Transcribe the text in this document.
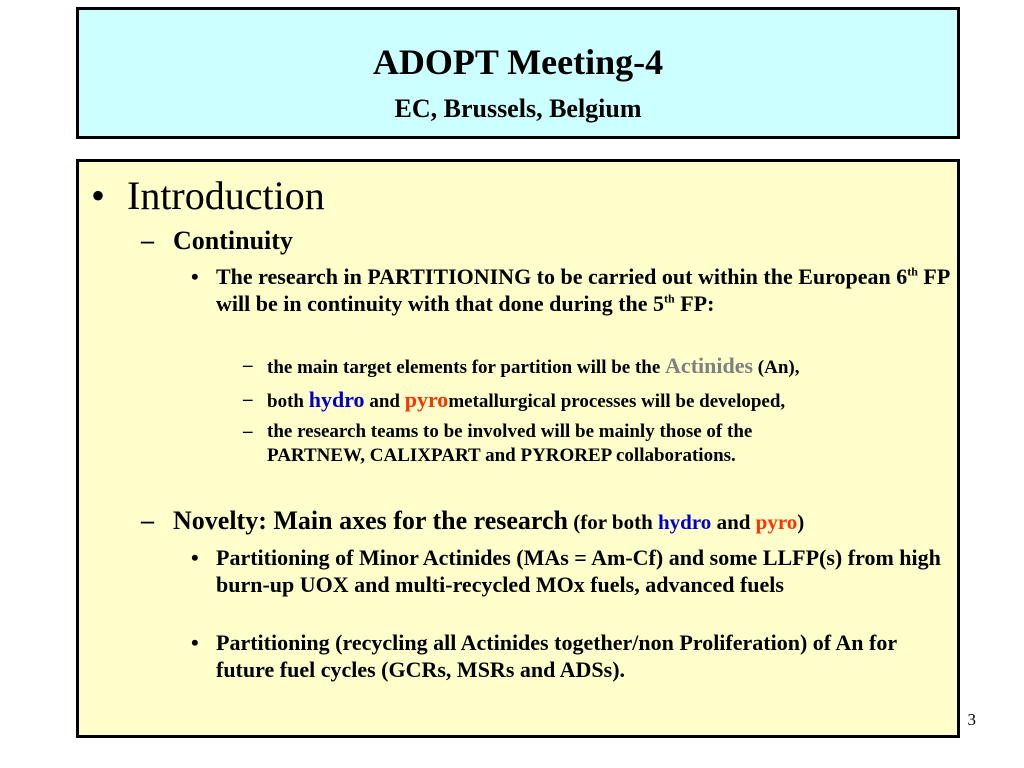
ADOPT Meeting-4
EC, Brussels, Belgium
• Introduction
– Continuity
• The research in PARTITIONING to be carried out within the European 6th FP will be in continuity with that done during the 5th FP:
– the main target elements for partition will be the Actinides (An),
– both hydro and pyrometallurgical processes will be developed,
– the research teams to be involved will be mainly those of the PARTNEW, CALIXPART and PYROREP collaborations.
– Novelty: Main axes for the research (for both hydro and pyro)
• Partitioning of Minor Actinides (MAs = Am-Cf) and some LLFP(s) from high burn-up UOX and multi-recycled MOx fuels, advanced fuels
• Partitioning (recycling all Actinides together/non Proliferation) of An for future fuel cycles (GCRs, MSRs and ADSs).
3
